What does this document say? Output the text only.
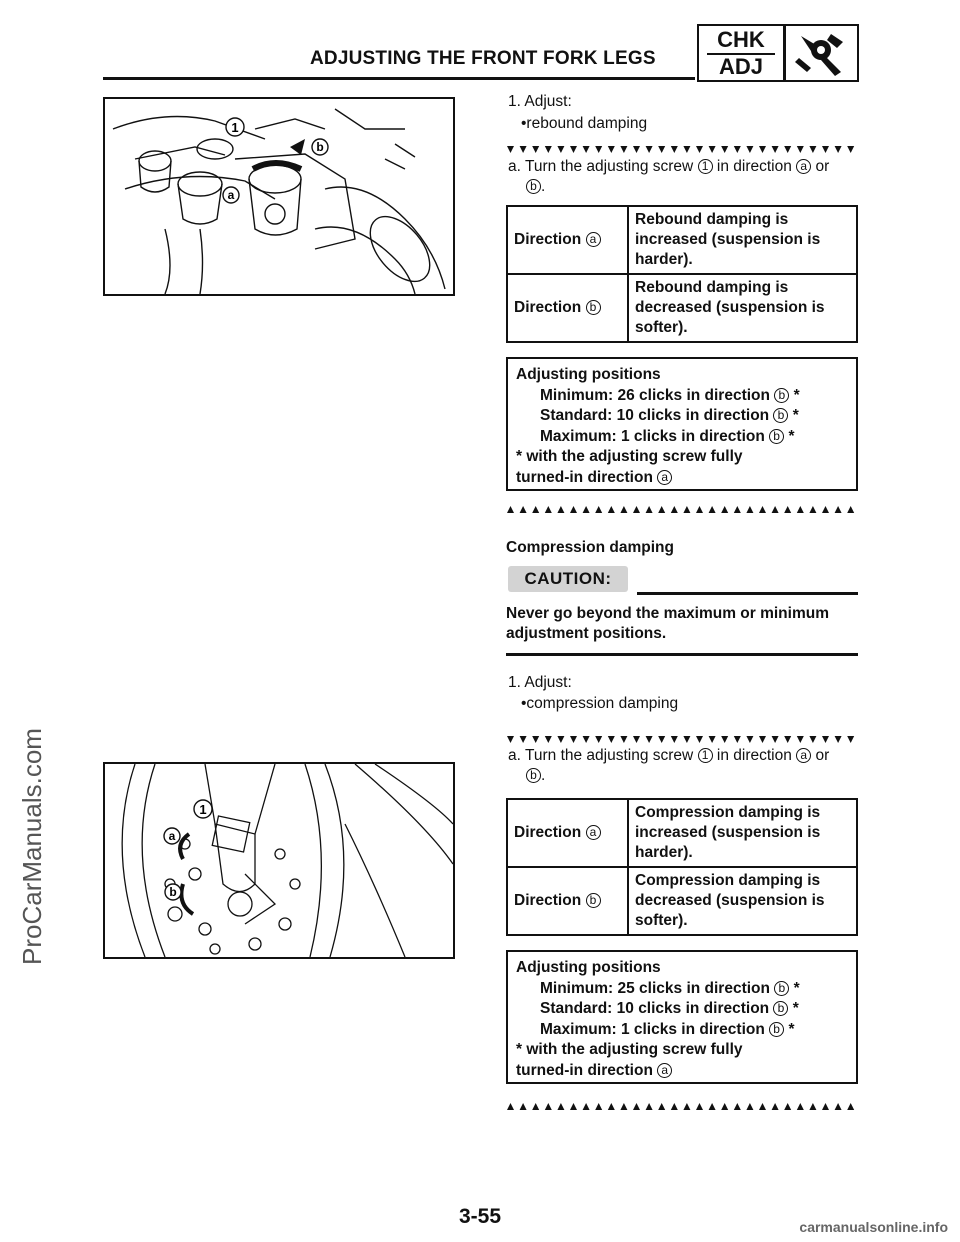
ADJUSTING THE FRONT FORK LEGS
CHK
ADJ
ProCarManuals.com
1
b
a
1
a
b
1. Adjust:
•rebound damping
a. Turn the adjusting screw 1 in direction a or
b .
Direction a	Rebound damping is increased (suspension is harder).
Direction b	Rebound damping is decreased (suspension is softer).
Adjusting positions
Minimum: 26 clicks in direction b *
Standard: 10 clicks in direction b *
Maximum: 1 clicks in direction b *
* with the adjusting screw fully
turned-in direction a
Compression damping
CAUTION:
Never go beyond the maximum or minimum adjustment positions.
1. Adjust:
•compression damping
a. Turn the adjusting screw 1 in direction a or
b .
Direction a	Compression damping is increased (suspension is harder).
Direction b	Compression damping is decreased (suspension is softer).
Adjusting positions
Minimum: 25 clicks in direction b *
Standard: 10 clicks in direction b *
Maximum: 1 clicks in direction b *
* with the adjusting screw fully
turned-in direction a
3-55	carmanualsonline.info
